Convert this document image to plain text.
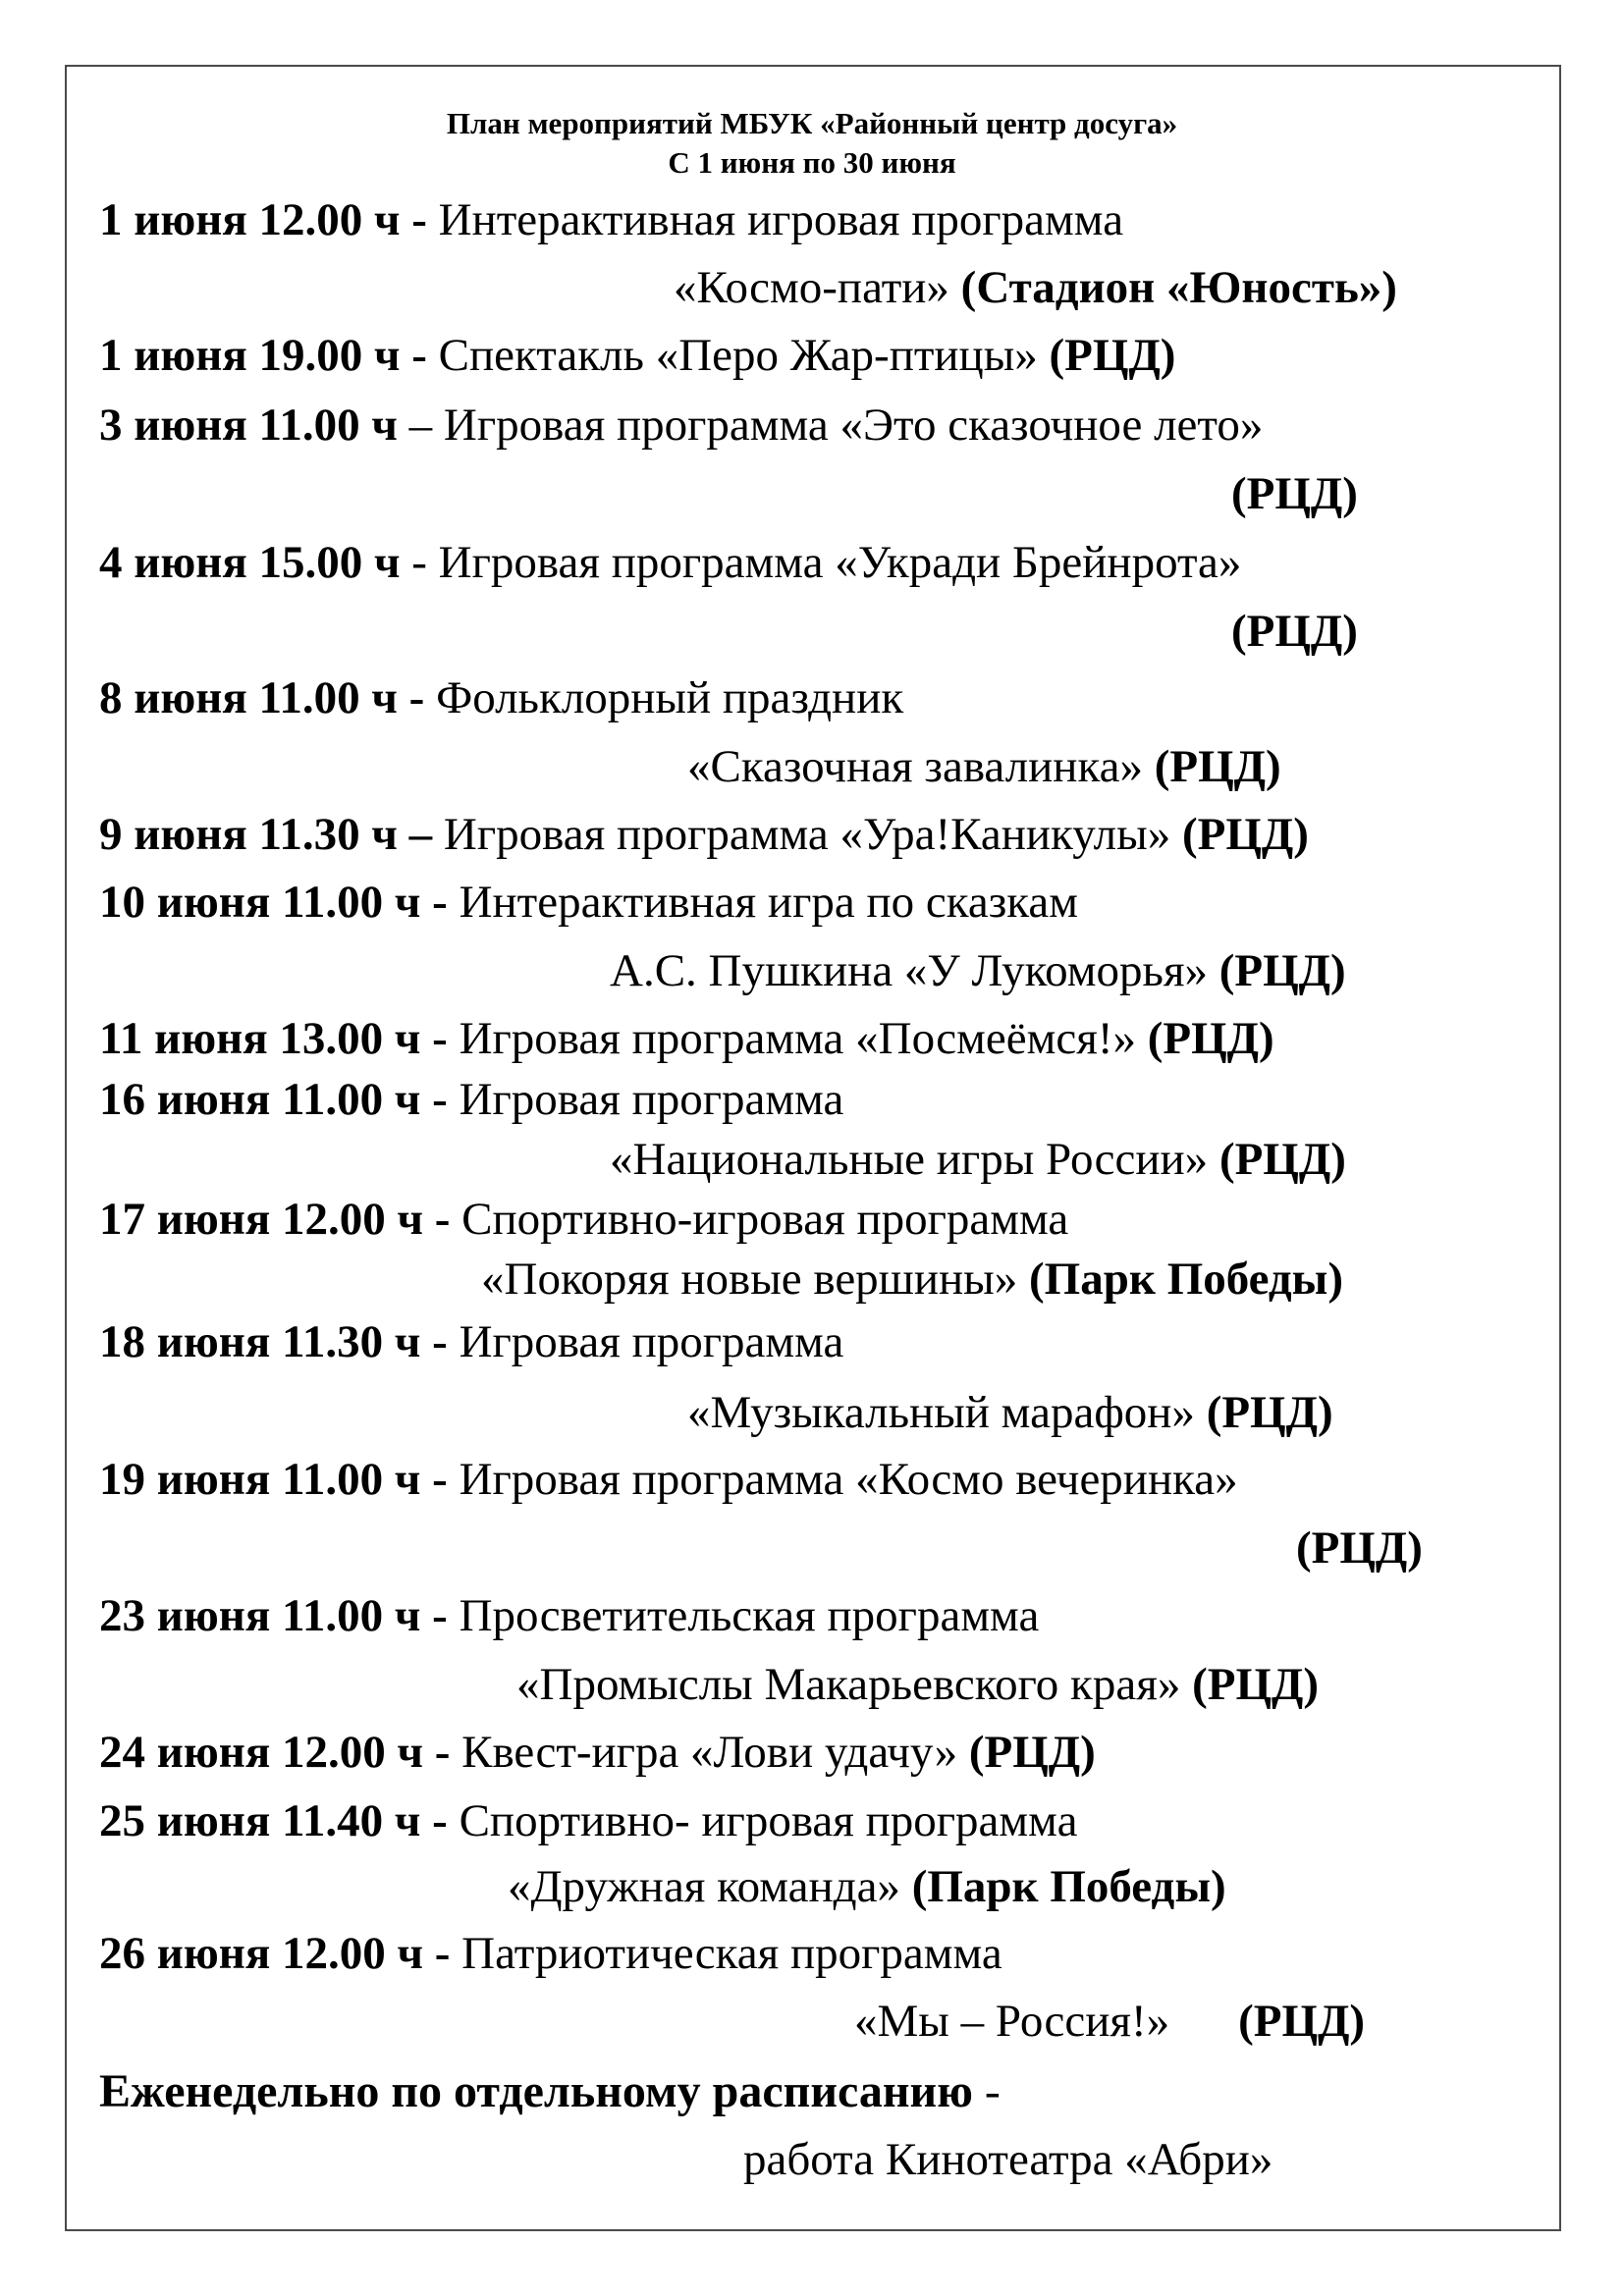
План мероприятий МБУК «Районный центр досуга»
С 1 июня по 30 июня
1 июня 12.00 ч - Интерактивная игровая программа
«Космо-пати» (Стадион «Юность»)
1 июня 19.00 ч - Спектакль «Перо Жар-птицы» (РЦД)
3 июня 11.00 ч – Игровая программа «Это сказочное лето»
(РЦД)
4 июня 15.00 ч - Игровая программа «Укради Брейнрота»
(РЦД)
8 июня 11.00 ч - Фольклорный праздник
«Сказочная завалинка» (РЦД)
9 июня 11.30 ч – Игровая программа «Ура!Каникулы» (РЦД)
10 июня 11.00 ч - Интерактивная игра по сказкам
А.С. Пушкина «У Лукоморья» (РЦД)
11 июня 13.00 ч - Игровая программа «Посмеёмся!» (РЦД)
16 июня 11.00 ч - Игровая программа
«Национальные игры России» (РЦД)
17 июня 12.00 ч - Спортивно-игровая программа
«Покоряя новые вершины» (Парк Победы)
18 июня 11.30 ч - Игровая программа
«Музыкальный марафон» (РЦД)
19 июня 11.00 ч - Игровая программа «Космо вечеринка»
(РЦД)
23 июня 11.00 ч - Просветительская программа
«Промыслы Макарьевского края» (РЦД)
24 июня 12.00 ч - Квест-игра «Лови удачу» (РЦД)
25 июня 11.40 ч - Спортивно- игровая программа
«Дружная команда» (Парк Победы)
26 июня 12.00 ч - Патриотическая программа
«Мы – Россия!» (РЦД)
Еженедельно по отдельному расписанию -
работа Кинотеатра «Абри»
